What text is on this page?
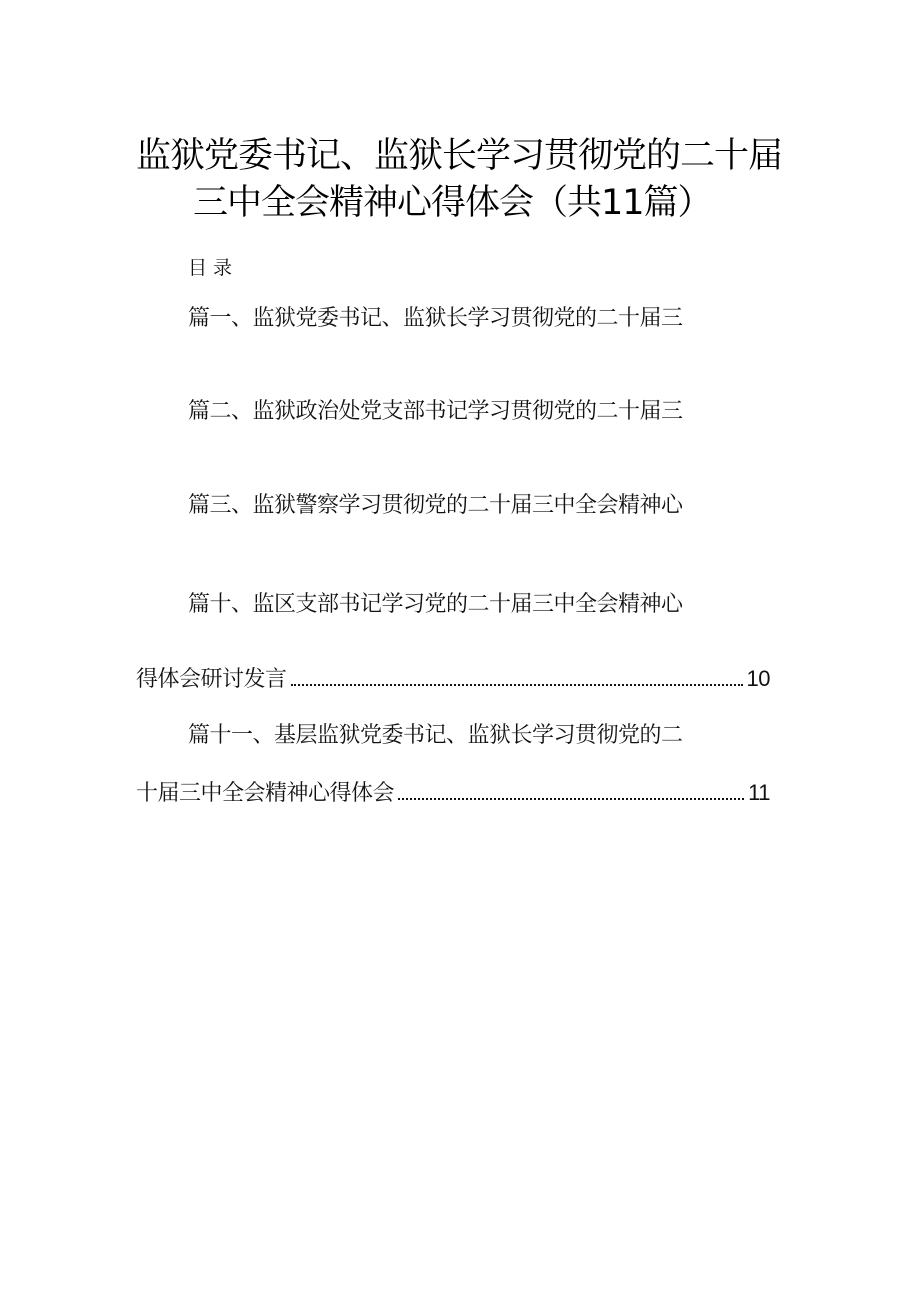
监狱党委书记、监狱长学习贯彻党的二十届
三中全会精神心得体会（共11篇）
目录
篇一、监狱党委书记、监狱长学习贯彻党的二十届三
篇二、监狱政治处党支部书记学习贯彻党的二十届三
篇三、监狱警察学习贯彻党的二十届三中全会精神心
篇十、监区支部书记学习党的二十届三中全会精神心
得体会研讨发言	10
篇十一、基层监狱党委书记、监狱长学习贯彻党的二
十届三中全会精神心得体会	11
